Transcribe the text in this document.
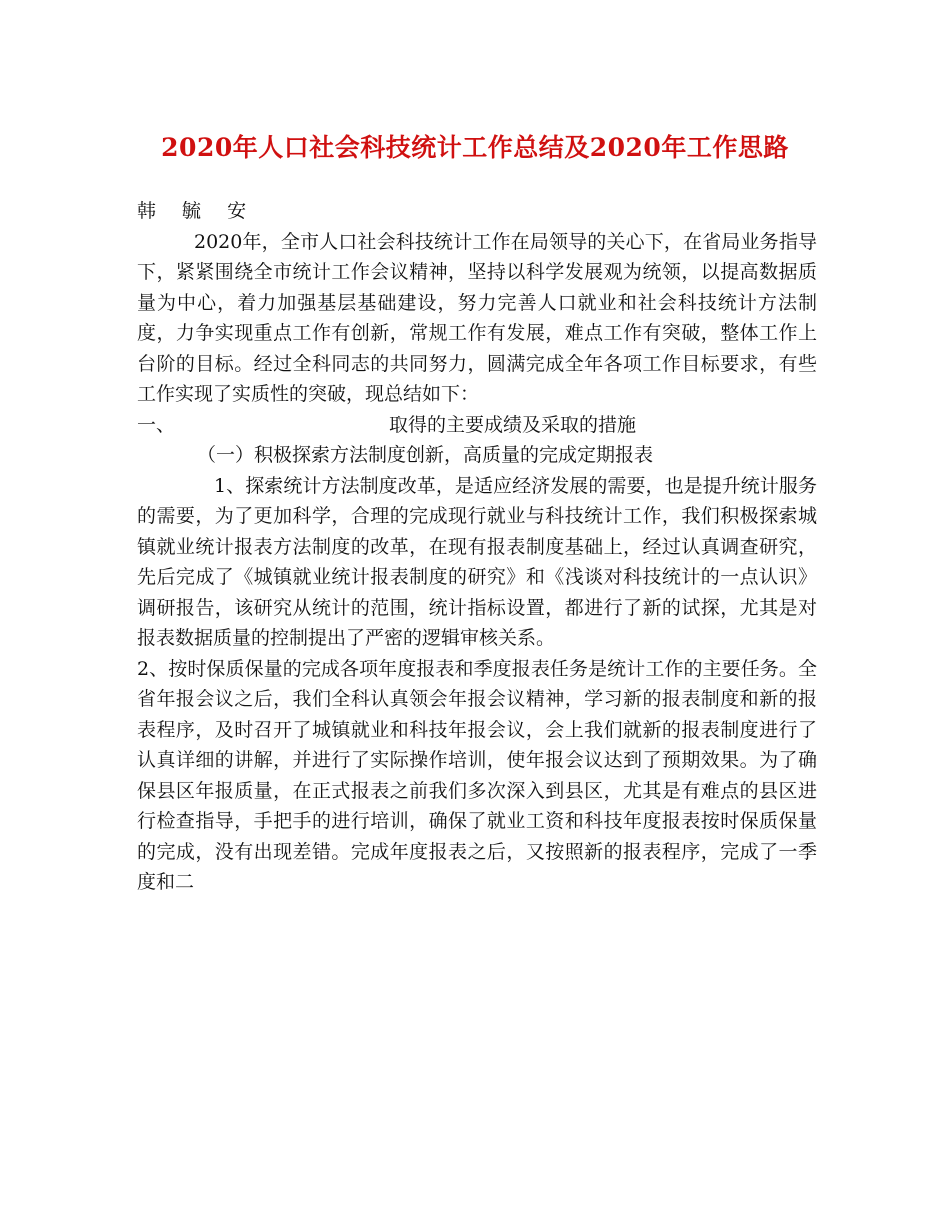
2020年人口社会科技统计工作总结及2020年工作思路

韩 毓 安

2020年，全市人口社会科技统计工作在局领导的关心下，在省局业务指导下，紧紧围绕全市统计工作会议精神，坚持以科学发展观为统领，以提高数据质量为中心，着力加强基层基础建设，努力完善人口就业和社会科技统计方法制度，力争实现重点工作有创新，常规工作有发展，难点工作有突破，整体工作上台阶的目标。经过全科同志的共同努力，圆满完成全年各项工作目标要求，有些工作实现了实质性的突破，现总结如下：

一、	取得的主要成绩及采取的措施

（一）积极探索方法制度创新，高质量的完成定期报表

1、探索统计方法制度改革，是适应经济发展的需要，也是提升统计服务的需要，为了更加科学，合理的完成现行就业与科技统计工作，我们积极探索城镇就业统计报表方法制度的改革，在现有报表制度基础上，经过认真调查研究，先后完成了《城镇就业统计报表制度的研究》和《浅谈对科技统计的一点认识》调研报告，该研究从统计的范围，统计指标设置，都进行了新的试探，尤其是对报表数据质量的控制提出了严密的逻辑审核关系。

2、按时保质保量的完成各项年度报表和季度报表任务是统计工作的主要任务。全省年报会议之后，我们全科认真领会年报会议精神，学习新的报表制度和新的报表程序，及时召开了城镇就业和科技年报会议，会上我们就新的报表制度进行了认真详细的讲解，并进行了实际操作培训，使年报会议达到了预期效果。为了确保县区年报质量，在正式报表之前我们多次深入到县区，尤其是有难点的县区进行检查指导，手把手的进行培训，确保了就业工资和科技年度报表按时保质保量的完成，没有出现差错。完成年度报表之后，又按照新的报表程序，完成了一季度和二
